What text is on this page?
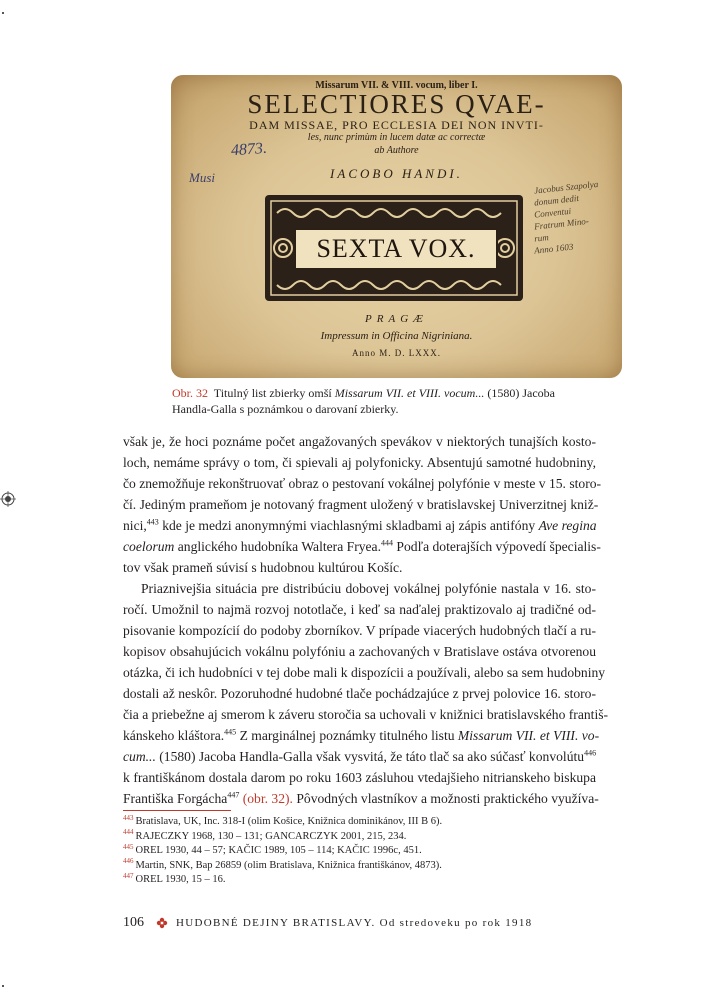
Missarum VII. & VIII. vocum, liber I.
SELECTIORES QVAE-
DAM MISSAE, PRO ECCLESIA DEI NON INVTI-
les, nunc primùm in lucem datæ ac correctæ
ab Authore
IACOBO HANDI.
4873.
Musi
Jacobus Szapolya
donum dedit
Conventui
Fratrum Mino-
rum
Anno 1603
SEXTA VOX.
PRAGÆ
Impressum in Officina Nigriniana.
Anno M. D. LXXX.
Obr. 32 Titulný list zbierky omší Missarum VII. et VIII. vocum... (1580) Jacoba
Handla-Galla s poznámkou o darovaní zbierky.
však je, že hoci poznáme počet angažovaných spevákov v niektorých tunajších kosto-
loch, nemáme správy o tom, či spievali aj polyfonicky. Absentujú samotné hudobniny,
čo znemožňuje rekonštruovať obraz o pestovaní vokálnej polyfónie v meste v 15. storo-
čí. Jediným prameňom je notovaný fragment uložený v bratislavskej Univerzitnej kniž-
nici,$^{443}$ kde je medzi anonymnými viachlasnými skladbami aj zápis antifóny Ave regina
coelorum anglického hudobníka Waltera Fryea.$^{444}$ Podľa doterajších výpovedí špecialis-
tov však prameň súvisí s hudobnou kultúrou Košíc.
Priaznivejšia situácia pre distribúciu dobovej vokálnej polyfónie nastala v 16. sto-
ročí. Umožnil to najmä rozvoj nototlače, i keď sa naďalej praktizovalo aj tradičné od-
pisovanie kompozícií do podoby zborníkov. V prípade viacerých hudobných tlačí a ru-
kopisov obsahujúcich vokálnu polyfóniu a zachovaných v Bratislave ostáva otvorenou
otázka, či ich hudobníci v tej dobe mali k dispozícii a používali, alebo sa sem hudobniny
dostali až neskôr. Pozoruhodné hudobné tlače pochádzajúce z prvej polovice 16. storo-
čia a priebežne aj smerom k záveru storočia sa uchovali v knižnici bratislavského františ-
kánskeho kláštora.$^{445}$ Z marginálnej poznámky titulného listu Missarum VII. et VIII. vo-
cum... (1580) Jacoba Handla-Galla však vysvitá, že táto tlač sa ako súčasť konvolútu$^{446}$
k františkánom dostala darom po roku 1603 zásluhou vtedajšieho nitrianskeho biskupa
Františka Forgácha$^{447}$ (obr. 32). Pôvodných vlastníkov a možnosti praktického využíva-
$^{443}$ Bratislava, UK, Inc. 318-I (olim Košice, Knižnica dominikánov, III B 6).
$^{444}$ RAJECZKY 1968, 130 – 131; GANCARCZYK 2001, 215, 234.
$^{445}$ OREL 1930, 44 – 57; KAČIC 1989, 105 – 114; KAČIC 1996c, 451.
$^{446}$ Martin, SNK, Bap 26859 (olim Bratislava, Knižnica františkánov, 4873).
$^{447}$ OREL 1930, 15 – 16.
106	HUDOBNÉ DEJINY BRATISLAVY. Od stredoveku po rok 1918
